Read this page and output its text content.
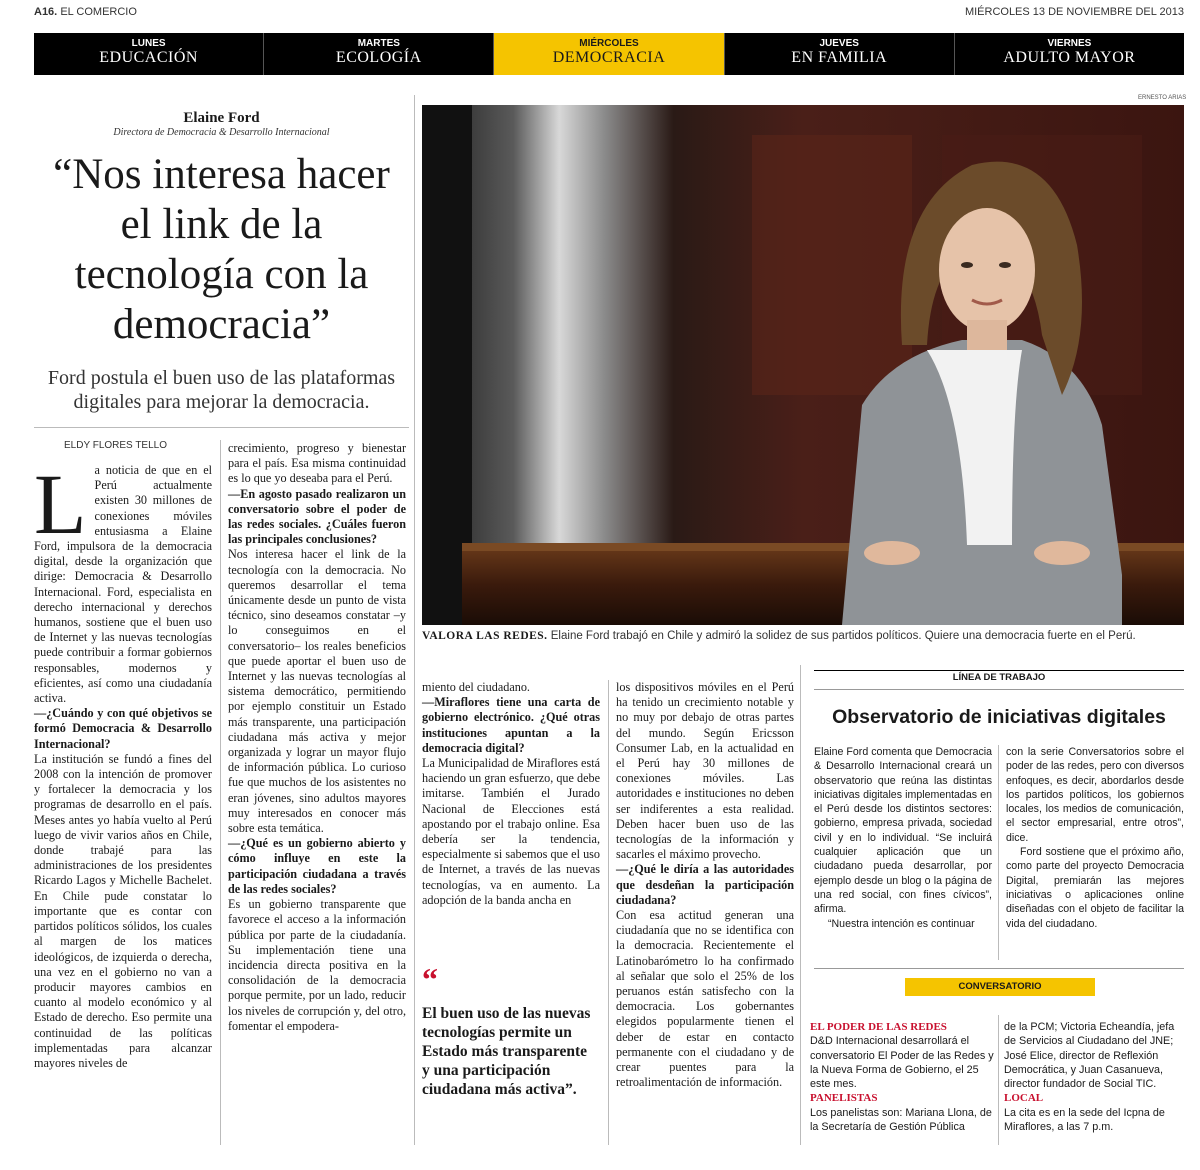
A16. EL COMERCIO	MIÉRCOLES 13 DE NOVIEMBRE DEL 2013
LUNES
EDUCACIÓN
MARTES
ECOLOGÍA
MIÉRCOLES
DEMOCRACIA
JUEVES
EN FAMILIA
VIERNES
ADULTO MAYOR
Elaine Ford
Directora de Democracia & Desarrollo Internacional
“Nos interesa hacer el link de la tecnología con la democracia”
Ford postula el buen uso de las plataformas digitales para mejorar la democracia.
ELDY FLORES TELLO

La noticia de que en el Perú actualmente existen 30 millones de conexiones móviles entusiasma a Elaine Ford, impulsora de la democracia digital, desde la organización que dirige: Democracia & Desarrollo Internacional. Ford, especialista en derecho internacional y derechos humanos, sostiene que el buen uso de Internet y las nuevas tecnologías puede contribuir a formar gobiernos responsables, modernos y eficientes, así como una ciudadanía activa.

—¿Cuándo y con qué objetivos se formó Democracia & Desarrollo Internacional?

La institución se fundó a fines del 2008 con la intención de promover y fortalecer la democracia y los programas de desarrollo en el país. Meses antes yo había vuelto al Perú luego de vivir varios años en Chile, donde trabajé para las administraciones de los presidentes Ricardo Lagos y Michelle Bachelet. En Chile pude constatar lo importante que es contar con partidos políticos sólidos, los cuales al margen de los matices ideológicos, de izquierda o derecha, una vez en el gobierno no van a producir mayores cambios en cuanto al modelo económico y al Estado de derecho. Eso permite una continuidad de las políticas implementadas para alcanzar mayores niveles de

crecimiento, progreso y bienestar para el país. Esa misma continuidad es lo que yo deseaba para el Perú.

—En agosto pasado realizaron un conversatorio sobre el poder de las redes sociales. ¿Cuáles fueron las principales conclusiones?

Nos interesa hacer el link de la tecnología con la democracia. No queremos desarrollar el tema únicamente desde un punto de vista técnico, sino deseamos constatar –y lo conseguimos en el conversatorio– los reales beneficios que puede aportar el buen uso de Internet y las nuevas tecnologías al sistema democrático, permitiendo por ejemplo constituir un Estado más transparente, una participación ciudadana más activa y mejor organizada y lograr un mayor flujo de información pública. Lo curioso fue que muchos de los asistentes no eran jóvenes, sino adultos mayores muy interesados en conocer más sobre esta temática.

—¿Qué es un gobierno abierto y cómo influye en este la participación ciudadana a través de las redes sociales?

Es un gobierno transparente que favorece el acceso a la información pública por parte de la ciudadanía. Su implementación tiene una incidencia directa positiva en la consolidación de la democracia porque permite, por un lado, reducir los niveles de corrupción y, del otro, fomentar el empodera-

miento del ciudadano.

—Miraflores tiene una carta de gobierno electrónico. ¿Qué otras instituciones apuntan a la democracia digital?

La Municipalidad de Miraflores está haciendo un gran esfuerzo, que debe imitarse. También el Jurado Nacional de Elecciones está apostando por el trabajo online. Esa debería ser la tendencia, especialmente si sabemos que el uso de Internet, a través de las nuevas tecnologías, va en aumento. La adopción de la banda ancha en

los dispositivos móviles en el Perú ha tenido un crecimiento notable y no muy por debajo de otras partes del mundo. Según Ericsson Consumer Lab, en la actualidad en el Perú hay 30 millones de conexiones móviles. Las autoridades e instituciones no deben ser indiferentes a esta realidad. Deben hacer buen uso de las tecnologías de la información y sacarles el máximo provecho.

—¿Qué le diría a las autoridades que desdeñan la participación ciudadana?

Con esa actitud generan una ciudadanía que no se identifica con la democracia. Recientemente el Latinobarómetro lo ha confirmado al señalar que solo el 25% de los peruanos están satisfecho con la democracia. Los gobernantes elegidos popularmente tienen el deber de estar en contacto permanente con el ciudadano y de crear puentes para la retroalimentación de información.

“
El buen uso de las nuevas tecnologías permite un Estado más transparente y una participación ciudadana más activa”.
ERNESTO ARIAS
VALORA LAS REDES. Elaine Ford trabajó en Chile y admiró la solidez de sus partidos políticos. Quiere una democracia fuerte en el Perú.
LÍNEA DE TRABAJO
Observatorio de iniciativas digitales

Elaine Ford comenta que Democracia & Desarrollo Internacional creará un observatorio que reúna las distintas iniciativas digitales implementadas en el Perú desde los distintos sectores: gobierno, empresa privada, sociedad civil y en lo individual. “Se incluirá cualquier aplicación que un ciudadano pueda desarrollar, por ejemplo desde un blog o la página de una red social, con fines cívicos”, afirma.

“Nuestra intención es continuar

con la serie Conversatorios sobre el poder de las redes, pero con diversos enfoques, es decir, abordarlos desde los partidos políticos, los gobiernos locales, los medios de comunicación, el sector empresarial, entre otros”, dice.

Ford sostiene que el próximo año, como parte del proyecto Democracia Digital, premiarán las mejores iniciativas o aplicaciones online diseñadas con el objeto de facilitar la vida del ciudadano.

CONVERSATORIO
EL PODER DE LAS REDES

D&D Internacional desarrollará el conversatorio El Poder de las Redes y la Nueva Forma de Gobierno, el 25 este mes.

PANELISTAS

Los panelistas son: Mariana Llona, de la Secretaría de Gestión Pública

de la PCM; Victoria Echeandía, jefa de Servicios al Ciudadano del JNE; José Elice, director de Reflexión Democrática, y Juan Casanueva, director fundador de Social TIC.

LOCAL

La cita es en la sede del Icpna de Miraflores, a las 7 p.m.
